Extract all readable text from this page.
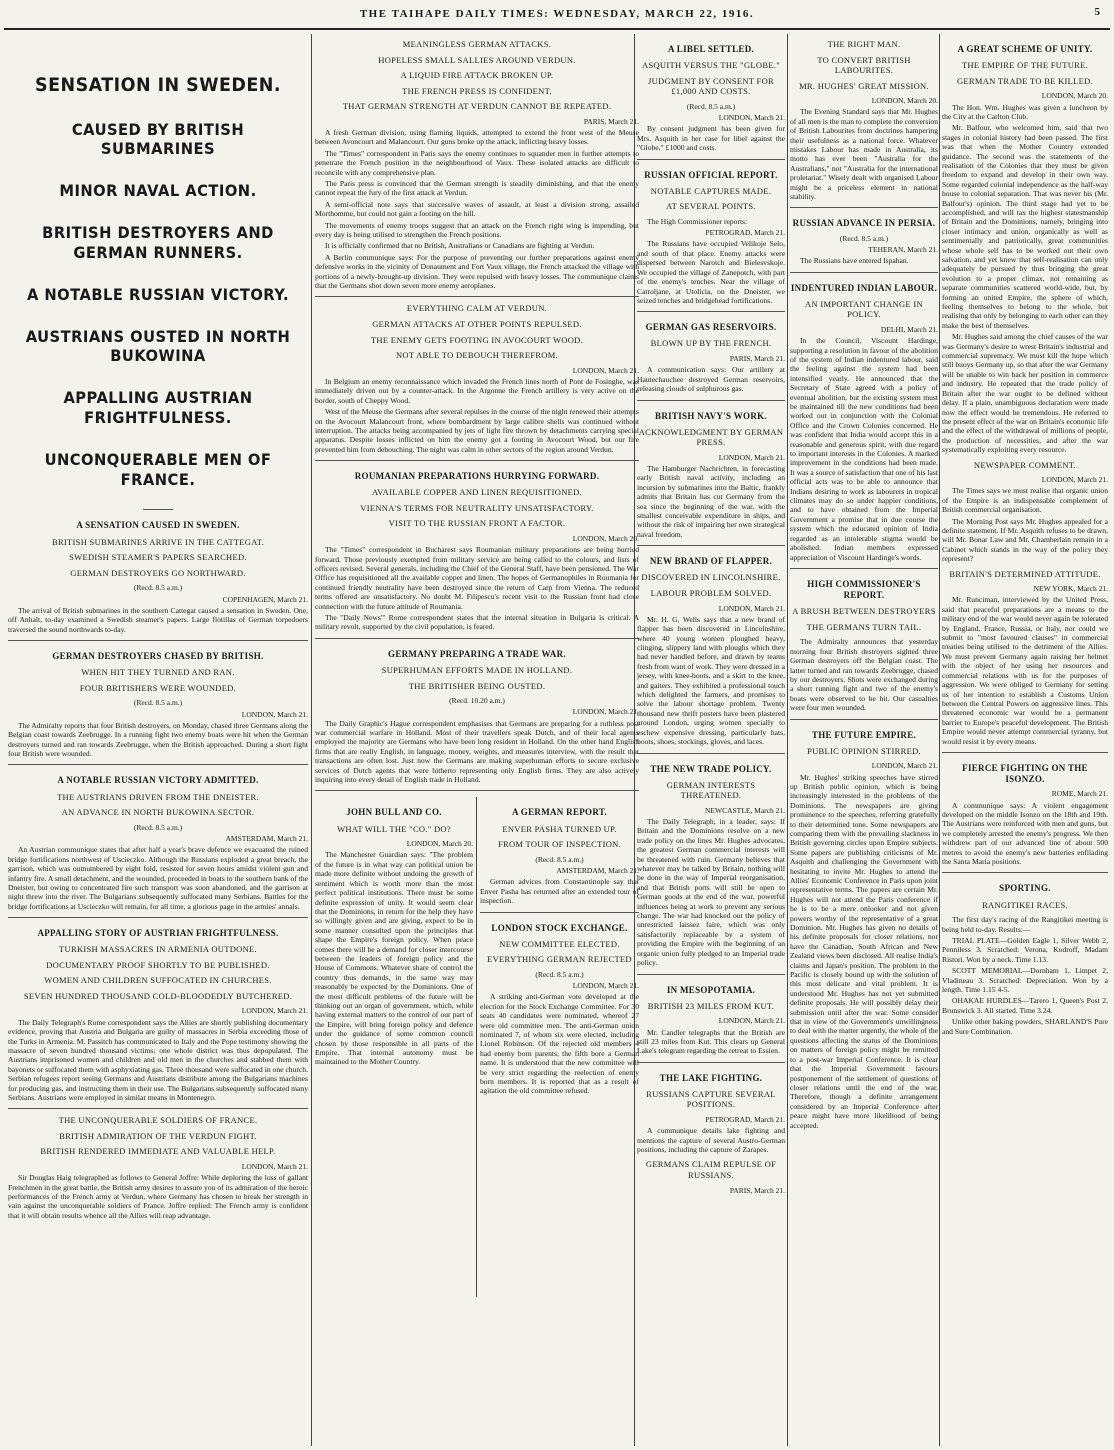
THE TAIHAPE DAILY TIMES: WEDNESDAY, MARCH 22, 1916.	5
SENSATION IN SWEDEN.
CAUSED BY BRITISH SUBMARINES
MINOR NAVAL ACTION.
BRITISH DESTROYERS AND GERMAN RUNNERS.
A NOTABLE RUSSIAN VICTORY.
AUSTRIANS OUSTED IN NORTH BUKOWINA
APPALLING AUSTRIAN FRIGHTFULNESS.
UNCONQUERABLE MEN OF FRANCE.
A SENSATION CAUSED IN SWEDEN.
BRITISH SUBMARINES ARRIVE IN THE CATTEGAT.
SWEDISH STEAMER'S PAPERS SEARCHED.
GERMAN DESTROYERS GO NORTHWARD.
(Recd. 8.5 a.m.)
COPENHAGEN, March 21.
The arrival of British submarines in the southern Cattegat caused a sensation in Sweden. One, off Anhalt, to-day examined a Swedish steamer's papers. Large flotillas of German torpedoers traversed the sound northwards to-day.
GERMAN DESTROYERS CHASED BY BRITISH.
WHEN HIT THEY TURNED AND RAN.
FOUR BRITISHERS WERE WOUNDED.
(Recd. 8.5 a.m.)
LONDON, March 21.
The Admiralty reports that four British destroyers, on Monday, chased three Germans along the Belgian coast towards Zeebrugge. In a running fight two enemy boats were hit when the German destroyers turned and ran towards Zeebrugge, when the British approached. During a short fight four British were wounded.
A NOTABLE RUSSIAN VICTORY ADMITTED.
THE AUSTRIANS DRIVEN FROM THE DNEISTER.
AN ADVANCE IN NORTH BUKOWINA SECTOR.
(Recd. 8.5 a.m.)
AMSTERDAM, March 21.
An Austrian communique states that after half a year's brave defence we evacuated the ruined bridge fortifications northwest of Uscieczko. Although the Russians exploded a great breach, the garrison, which was outnumbered by eight fold, resisted for seven hours amidst violent gun and infantry fire. A small detachment, and the wounded, proceeded in boats to the southern bank of the Dneister, but owing to concentrated fire such transport was soon abandoned, and the garrison at night threw into the river. The Bulgarians subsequently suffocated many Serbians. Battles for the bridge fortifications at Uscieczko will remain, for all time, a glorious page in the armies' annals.
APPALLING STORY OF AUSTRIAN FRIGHTFULNESS.
TURKISH MASSACRES IN ARMENIA OUTDONE.
DOCUMENTARY PROOF SHORTLY TO BE PUBLISHED.
WOMEN AND CHILDREN SUFFOCATED IN CHURCHES.
SEVEN HUNDRED THOUSAND COLD-BLOODEDLY BUTCHERED.
LONDON, March 21.
The Daily Telegraph's Rome correspondent says the Allies are shortly publishing documentary evidence, proving that Austria and Bulgaria are guilty of massacres in Serbia exceeding those of the Turks in Armenia. M. Passitch has communicated to Italy and the Pope testimony showing the massacre of seven hundred thousand victims; one whole district was thus depopulated. The Austrians imprisoned women and children and old men in the churches and stabbed them with bayonets or suffocated them with asphyxiating gas. Three thousand were suffocated in one church. Serbian refugees report seeing Germans and Austrians distribute among the Bulgarians machines for producing gas, and instructing them in their use. The Bulgarians subsequently suffocated many Serbians. Austrians were employed in similar means in Montenegro.
THE UNCONQUERABLE SOLDIERS OF FRANCE.
BRITISH ADMIRATION OF THE VERDUN FIGHT.
BRITISH RENDERED IMMEDIATE AND VALUABLE HELP.
LONDON, March 21.
Sir Douglas Haig telegraphed as follows to General Joffre: While deploring the loss of gallant Frenchmen in the great battle, the British army desires to assure you of its admiration of the heroic performances of the French army at Verdun, where Germany has chosen to break her strength in vain against the unconquerable soldiers of France. Joffre replied: The French army is confident that it will obtain results whence all the Allies will reap advantage.
MEANINGLESS GERMAN ATTACKS.
HOPELESS SMALL SALLIES AROUND VERDUN.
A LIQUID FIRE ATTACK BROKEN UP.
THE FRENCH PRESS IS CONFIDENT.
THAT GERMAN STRENGTH AT VERDUN CANNOT BE REPEATED.
PARIS, March 21.
A fresh German division, using flaming liquids, attempted to extend the front west of the Meuse between Avoncourt and Malancourt. Our guns broke up the attack, inflicting heavy losses.
The "Times" correspondent in Paris says the enemy continues to squander men in further attempts to penetrate the French position in the neighbourhood of Vaux. These isolated attacks are difficult to reconcile with any comprehensive plan.
The Paris press is convinced that the German strength is steadily diminishing, and that the enemy cannot repeat the fury of the first attack at Verdun.
A semi-official note says that successive waves of assault, at least a division strong, assailed Morthomme, but could not gain a footing on the hill.
The movements of enemy troops suggest that an attack on the French right wing is impending, but every day is being utilised to strengthen the French positions.
It is officially confirmed that no British, Australians or Canadians are fighting at Verdun.
A Berlin communique says: For the purpose of preventing our further preparations against enemy defensive works in the vicinity of Donaument and Fort Vaux village, the French attacked the village with portions of a newly-brought-up division. They were repulsed with heavy losses. The communique claims that the Germans shot down seven more enemy aeroplanes.
EVERYTHING CALM AT VERDUN.
GERMAN ATTACKS AT OTHER POINTS REPULSED.
THE ENEMY GETS FOOTING IN AVOCOURT WOOD.
NOT ABLE TO DEBOUCH THEREFROM.
LONDON, March 21.
In Belgium an enemy reconnaissance which invaded the French lines north of Pont de Fosinghe, was immediately driven out by a counter-attack. In the Argonne the French artillery is very active on the border, south of Cheppy Wood.
West of the Meuse the Germans after several repulses in the course of the night renewed their attempts on the Avocourt Malancourt front, where bombardment by large calibre shells was continued without interruption. The attacks being accompanied by jets of light fire thrown by detachments carrying special apparatus. Despite losses inflicted on him the enemy got a footing in Avocourt Wood, but our fire prevented him from debouching. The night was calm in other sectors of the region around Verdun.
ROUMANIAN PREPARATIONS HURRYING FORWARD.
AVAILABLE COPPER AND LINEN REQUISITIONED.
VIENNA'S TERMS FOR NEUTRALITY UNSATISFACTORY.
VISIT TO THE RUSSIAN FRONT A FACTOR.
LONDON, March 20.
The "Times" correspondent in Bucharest says Roumanian military preparations are being hurried forward. Those previously exempted from military service are being called to the colours, and lists of officers revised. Several generals, including the Chief of the General Staff, have been pensioned. The War Office has requisitioned all the available copper and linen. The hopes of Germanophiles in Roumania for continued friendly neutrality have been destroyed since the return of Carp from Vienna. The reduced terms offered are unsatisfactory. No doubt M. Filipescu's recent visit to the Russian front had close connection with the future attitude of Roumania.
The "Daily News'" Rome correspondent states that the internal situation in Bulgaria is critical. A military revolt, supported by the civil population, is feared.
GERMANY PREPARING A TRADE WAR.
SUPERHUMAN EFFORTS MADE IN HOLLAND.
THE BRITISHER BEING OUSTED.
(Recd. 10.20 a.m.)
LONDON, March 21.
The Daily Graphic's Hague correspondent emphasises that Germans are preparing for a ruthless post war commercial warfare in Holland. Most of their travellers speak Dutch, and of their local agents employed the majority are Germans who have been long resident in Holland. On the other hand English firms that are really English, in language, money, weights, and measures interview, with the result that transactions are often lost. Just now the Germans are making superhuman efforts to secure exclusive services of Dutch agents that were hitherto representing only English firms. They are also actively inquiring into every detail of English trade in Holland.
JOHN BULL AND CO.
WHAT WILL THE "CO." DO?
LONDON, March 20.
The Manchester Guardian says: "The problem of the future is in what way can political union be made more definite without undoing the growth of sentiment which is worth more than the most perfect political institutions. There must be some definite expression of unity. It would seem clear that the Dominions, in return for the help they have so willingly given and are giving, expect to be in some manner consulted upon the principles that shape the Empire's foreign policy. When peace comes there will be a demand for closer intercourse between the leaders of foreign policy and the House of Commons. Whatever share of control the country thus demands, in the same way may reasonably be expected by the Dominions. One of the most difficult problems of the future will be thinking out an organ of government, which, while having external matters to the control of our part of the Empire, will bring foreign policy and defence under the guidance of some common council chosen by those responsible in all parts of the Empire. That internal autonomy must be maintained to the Mother Country.
A GERMAN REPORT.
ENVER PASHA TURNED UP.
FROM TOUR OF INSPECTION.
(Recd. 8.5 a.m.)
AMSTERDAM, March 21.
German advices from Constantinople say that Enver Pasha has returned after an extended tour of inspection.
LONDON STOCK EXCHANGE.
NEW COMMITTEE ELECTED.
EVERYTHING GERMAN REJECTED
(Recd. 8.5 a.m.)
LONDON, March 21.
A striking anti-German vote developed at the election for the Stock Exchange Committee. For 30 seats 40 candidates were nominated, whereof 27 were old committee men. The anti-German union nominated 7, of whom six were elected, including Lionel Robinson. Of the rejected old members 4 had enemy born parents, the fifth bore a German name. It is understood that the new committee will be very strict regarding the reelection of enemy born members. It is reported that as a result of agitation the old committee refused.
A LIBEL SETTLED.
ASQUITH VERSUS THE "GLOBE."
JUDGMENT BY CONSENT FOR £1,000 AND COSTS.
(Recd. 8.5 a.m.)
LONDON, March 21.
By consent judgment has been given for Mrs. Asquith in her case for libel against the "Globe," £1000 and costs.
RUSSIAN OFFICIAL REPORT.
NOTABLE CAPTURES MADE.
AT SEVERAL POINTS.
The High Commissioner reports:
PETROGRAD, March 21.
The Russians have occupied Velikoje Selo, and south of that place. Enemy attacks were dispersed between Narotch and Bielesvskoje. We occupied the village of Zanepotch, with part of the enemy's tenches. Near the village of Catroljane, at Utolicia, on the Dneister, we seized tenches and bridgehead fortifications.
GERMAN GAS RESERVOIRS.
BLOWN UP BY THE FRENCH.
PARIS, March 21.
A communication says: Our artillery at Hautechauchee destroyed German reservoirs, releasing clouds of sulphurous gas.
BRITISH NAVY'S WORK.
ACKNOWLEDGMENT BY GERMAN PRESS.
LONDON, March 21.
The Hamburger Nachrichten, in forecasting early British naval activity, including an incursion by submarines into the Baltic, frankly admits that Britain has cut Germany from the sea since the beginning of the war, with the smallest conceivable expenditure in ships, and without the risk of impairing her own strategical naval freedom.
NEW BRAND OF FLAPPER.
DISCOVERED IN LINCOLNSHIRE.
LABOUR PROBLEM SOLVED.
LONDON, March 21.
Mr. H. G. Wells says that a new brand of flapper has been discovered in Lincolnshire, where 40 young women ploughed heavy, clinging, slippery land with ploughs which they had never handled before, and drawn by teams fresh from want of work. They were dressed in a jersey, with knee-boots, and a skirt to the knee, and gaiters. They exhibited a professional touch which delighted the farmers, and promises to solve the labour shortage problem. Twenty thousand new thrift posters have been plastered around London, urging women specially to eschew expensive dressing, particularly hats, boots, shoes, stockings, gloves, and laces.
THE NEW TRADE POLICY.
GERMAN INTERESTS THREATENED.
NEWCASTLE, March 21.
The Daily Telegraph, in a leader, says: If Britain and the Dominions resolve on a new trade policy on the lines Mr. Hughes advocates, the greatest German commercial interests will be threatened with ruin. Germany believes that whatever may be talked by Britain, nothing will be done in the way of Imperial reorganisation, and that British ports will still be open to German goods at the end of the war, powerful influences being at work to prevent any serious change. The war had knocked out the policy of unrestricted laissez faire, which was only satisfactorily replaceable by a system of providing the Empire with the beginning of an organic union fully pledged to an Imperial trade policy.
IN MESOPOTAMIA.
BRITISH 23 MILES FROM KUT.
LONDON, March 21.
Mr. Candler telegraphs that the British are still 23 miles from Kut. This clears up General Lake's telegram regarding the retreat to Essien.
THE LAKE FIGHTING.
RUSSIANS CAPTURE SEVERAL POSITIONS.
PETROGRAD, March 21.
A communique details lake fighting and mentions the capture of several Austro-German positions, including the capture of Zarapes.
GERMANS CLAIM REPULSE OF RUSSIANS.
PARIS, March 21.
THE RIGHT MAN.
TO CONVERT BRITISH LABOURITES.
MR. HUGHES' GREAT MISSION.
LONDON, March 20.
The Evening Standard says that Mr. Hughes of all men is the man to complete the conversion of British Labourites from doctrines hampering their usefulness as a national force. Whatever mistakes Labour has made in Australia, its motto has ever been "Australia for the Australians," not "Australia for the international proletariat." Wisely dealt with organised Labour might be a priceless element in national stability.
RUSSIAN ADVANCE IN PERSIA.
(Recd. 8.5 a.m.)
TEHERAN, March 21.
The Russians have entered Ispahan.
INDENTURED INDIAN LABOUR.
AN IMPORTANT CHANGE IN POLICY.
DELHI, March 21.
In the Council, Viscount Hardinge, supporting a resolution in favour of the abolition of the system of Indian indentured labour, said the feeling against the system had been intensified yearly. He announced that the Secretary of State agreed with a policy of eventual abolition, but the existing system must be maintained till the new conditions had been worked out in conjunction with the Colonial Office and the Crown Colonies concerned. He was confident that India would accept this in a reasonable and generous spirit, with due regard to important interests in the Colonies. A marked improvement in the conditions had been made. It was a source of satisfaction that one of his last official acts was to be able to announce that Indians desiring to work as labourers in tropical climates may do so under happier conditions, and to have obtained from the Imperial Government a promise that in due course the system which the educated opinion of India regarded as an intolerable stigma would be abolished. Indian members expressed appreciation of Viscount Hardinge's words.
HIGH COMMISSIONER'S REPORT.
A BRUSH BETWEEN DESTROYERS
THE GERMANS TURN TAIL.
The Admiralty announces that yesterday morning four British destroyers sighted three German destroyers off the Belgian coast. The latter turned and ran towards Zeebrugge, chased by our destroyers. Shots were exchanged during a short running fight and two of the enemy's boats were observed to be hit. Our casualties were four men wounded.
THE FUTURE EMPIRE.
PUBLIC OPINION STIRRED.
LONDON, March 21.
Mr. Hughes' striking speeches have stirred up British public opinion, which is being increasingly interested in the problems of the Dominions. The newspapers are giving prominence to the speeches, referring gratefully to their determined tone. Some newspapers are comparing them with the prevailing slackness in British governing circles upon Empire subjects. Some papers are publishing criticisms of Mr. Asquith and challenging the Government with hesitating to invite Mr. Hughes to attend the Allies' Economic Conference in Paris upon joint representative terms. The papers are certain Mr. Hughes will not attend the Paris conference if he is to be a mere onlooker and not given powers worthy of the representative of a great Dominion. Mr. Hughes has given no details of his definite proposals for closer relations, nor have the Canadian, South African and New Zealand views been disclosed. All realise India's claims and Japan's position. The problem in the Pacific is closely bound up with the solution of this most delicate and vital problem. It is understood Mr. Hughes has not yet submitted definite proposals. He will possibly delay their submission until after the war. Some consider that in view of the Government's unwillingness to deal with the matter urgently, the whole of the questions affecting the status of the Dominions on matters of foreign policy might be remitted to a post-war Imperial Conference. It is clear that the Imperial Government favours postponement of the settlement of questions of closer relations until the end of the war. Therefore, though a definite arrangement considered by an Imperial Conference after peace might have more likelihood of being accepted.
A GREAT SCHEME OF UNITY.
THE EMPIRE OF THE FUTURE.
GERMAN TRADE TO BE KILLED.
LONDON, March 20.
The Hon. Wm. Hughes was given a luncheon by the City at the Carlton Club.
Mr. Balfour, who welcomed him, said that two stages in colonial history had been passed. The first was that when the Mother Country extended guidance. The second was the statements of the realisation of the Colonies that they must be given freedom to expand and develop in their own way. Some regarded colonial independence as the half-way house to colonial separation. That was never his (Mr. Balfour's) opinion. The third stage had yet to be accomplished, and will tax the highest statesmanship of Britain and the Dominions, namely, bringing into closer intimacy and union, organically as well as sentimentally and patriotically, great communities whose whole self has to be worked out their own salvation, and yet knew that self-realisation can only adequately be pursued by thus bringing the great evolution to a proper climax, not remaining as separate communities scattered world-wide, but, by forming an united Empire, the sphere of which, feeling themselves to belong to the whole, but realising that only by belonging to each other can they make the best of themselves.
Mr. Hughes said among the chief causes of the war was Germany's desire to wrest Britain's industrial and commercial supremacy. We must kill the hope which still buoys Germany up, so that after the war Germany will be unable to win back her position in commerce and industry. He repeated that the trade policy of Britain after the war ought to be defined without delay. If a plain, unambiguous declaration were made now the effect would be tremendous. He referred to the present effect of the war on Britain's economic life and the effect of the withdrawal of millions of people, the production of necessities, and after the war systematically exploiting every resource.
NEWSPAPER COMMENT.
LONDON, March 21.
The Times says we must realise that organic union of the Empire is an indispensable complement of British commercial organisation.
The Morning Post says Mr. Hughes appealed for a definite statement. If Mr. Asquith refuses to be drawn, will Mr. Bonar Law and Mr. Chamberlain remain in a Cabinet which stands in the way of the policy they represent?
BRITAIN'S DETERMINED ATTITUDE.
NEW YORK, March 21.
Mr. Runciman, interviewed by the United Press, said that peaceful preparations are a means to the military end of the war would never again be tolerated by England, France, Russia, or Italy, nor could we submit to "most favoured clauses" in commercial treaties being utilised to the detriment of the Allies. We must prevent Germany again raising her helmet with the object of her using her resources and commercial relations with us for the purposes of aggression. We were obliged to Germany for setting us of her intention to establish a Customs Union between the Central Powers on aggressive lines. This threatened economic war would be a permanent barrier to Europe's peaceful development. The British Empire would never attempt commercial tyranny, but would resist it by every means.
FIERCE FIGHTING ON THE ISONZO.
ROME, March 21.
A communique says: A violent engagement developed on the middle Isonzo on the 18th and 19th. The Austrians were reinforced with men and guns, but we completely arrested the enemy's progress. We then withdrew part of our advanced line of about 500 metres to avoid the enemy's new batteries enfilading the Santa Maria positions.
SPORTING.
RANGITIKEI RACES.
The first day's racing of the Rangitikei meeting is being held to-day. Results:—
TRIAL PLATE—Golden Eagle 1, Silver Webb 2, Penniless 3. Scratched: Verona, Kodroff, Madam Ristori. Won by a neck. Time 1.13.
SCOTT MEMORIAL—Dornham 1, Limpet 2, Vladineau 3. Scratched: Depreciation. Won by a length. Time 1.15 4-5.
OHAKAE HURDLES—Tarero 1, Queen's Post 2, Brunswick 3. All started. Time 3.24.
Unlike other baking powders, SHARLAND'S Pure and Sure Combination.
